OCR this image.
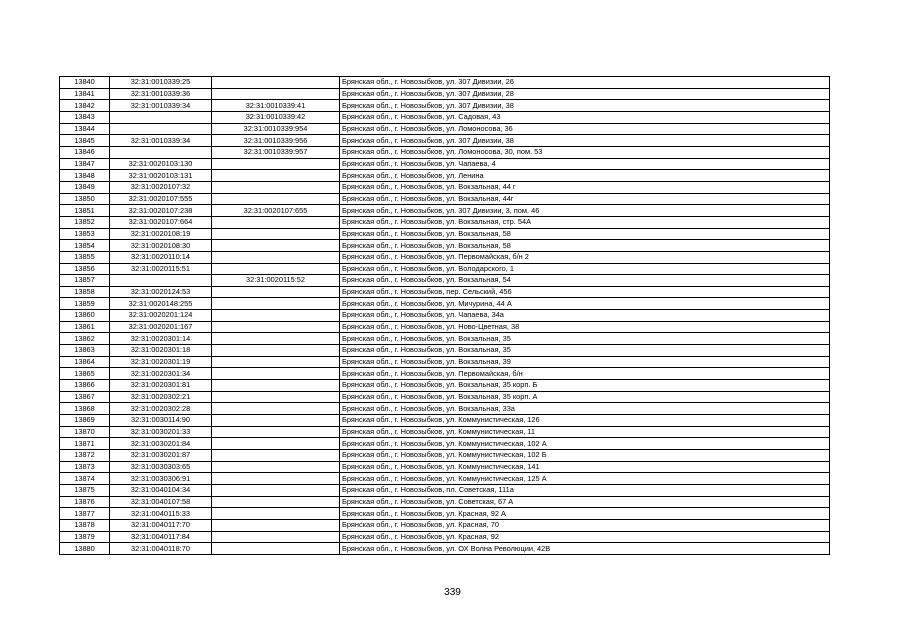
13840	32:31:0010339:25		Брянская обл., г. Новозыбков, ул. 307 Дивизии, 26
13841	32:31:0010339:36		Брянская обл., г. Новозыбков, ул. 307 Дивизии, 28
13842	32:31:0010339:34	32:31:0010339:41	Брянская обл., г. Новозыбков, ул. 307 Дивизии, 38
13843		32:31:0010339:42	Брянская обл., г. Новозыбков, ул. Садовая, 43
13844		32:31:0010339:954	Брянская обл., г. Новозыбков, ул. Ломоносова, 36
13845	32:31:0010339:34	32:31:0010339:956	Брянская обл., г. Новозыбков, ул. 307 Дивизии, 38
13846		32:31:0010339:957	Брянская обл., г. Новозыбков, ул. Ломоносова, 30, пом. 53
13847	32:31:0020103:130		Брянская обл., г. Новозыбков, ул. Чапаева, 4
13848	32:31:0020103:131		Брянская обл., г. Новозыбков, ул. Ленина
13849	32:31:0020107:32		Брянская обл., г. Новозыбков, ул. Вокзальная, 44 г
13850	32:31:0020107:555		Брянская обл., г. Новозыбков, ул. Вокзальная, 44г
13851	32:31:0020107:238	32:31:0020107:655	Брянская обл., г. Новозыбков, ул. 307 Дивизии, 3, пом. 46
13852	32:31:0020107:664		Брянская обл., г. Новозыбков, ул. Вокзальная, стр. 54А
13853	32:31:0020108:19		Брянская обл., г. Новозыбков, ул. Вокзальная, 58
13854	32:31:0020108:30		Брянская обл., г. Новозыбков, ул. Вокзальная, 58
13855	32:31:0020110:14		Брянская обл., г. Новозыбков, ул. Первомайская, б/н 2
13856	32:31:0020115:51		Брянская обл., г. Новозыбков, ул. Володарского, 1
13857		32:31:0020115:52	Брянская обл., г. Новозыбков, ул. Вокзальная, 54
13858	32:31:0020124:53		Брянская обл., г. Новозыбков, пер. Сельский, 456
13859	32:31:0020148:255		Брянская обл., г. Новозыбков, ул. Мичурина, 44 А
13860	32:31:0020201:124		Брянская обл., г. Новозыбков, ул. Чапаева, 34а
13861	32:31:0020201:167		Брянская обл., г. Новозыбков, ул. Ново-Цветная, 38
13862	32:31:0020301:14		Брянская обл., г. Новозыбков, ул. Вокзальная, 35
13863	32:31:0020301:18		Брянская обл., г. Новозыбков, ул. Вокзальная, 35
13864	32:31:0020301:19		Брянская обл., г. Новозыбков, ул. Вокзальная, 39
13865	32:31:0020301:34		Брянская обл., г. Новозыбков, ул. Первомайская, б/н
13866	32:31:0020301:81		Брянская обл., г. Новозыбков, ул. Вокзальная, 35 корп. Б
13867	32:31:0020302:21		Брянская обл., г. Новозыбков, ул. Вокзальная, 35 корп. А
13868	32:31:0020302:28		Брянская обл., г. Новозыбков, ул. Вокзальная, 33а
13869	32:31:0030114:90		Брянская обл., г. Новозыбков, ул. Коммунистическая, 126
13870	32:31:0030201:33		Брянская обл., г. Новозыбков, ул. Коммунистическая, 11
13871	32:31:0030201:84		Брянская обл., г. Новозыбков, ул. Коммунистическая, 102 А
13872	32:31:0030201:87		Брянская обл., г. Новозыбков, ул. Коммунистическая, 102 Б
13873	32:31:0030303:65		Брянская обл., г. Новозыбков, ул. Коммунистическая, 141
13874	32:31:0030306:91		Брянская обл., г. Новозыбков, ул. Коммунистическая, 125 А
13875	32:31:0040104:34		Брянская обл., г. Новозыбков, пл. Советская, 111а
13876	32:31:0040107:58		Брянская обл., г. Новозыбков, ул. Советская, 67 А
13877	32:31:0040115:33		Брянская обл., г. Новозыбков, ул. Красная, 92 А
13878	32:31:0040117:70		Брянская обл., г. Новозыбков, ул. Красная, 70
13879	32:31:0040117:84		Брянская обл., г. Новозыбков, ул. Красная, 92
13880	32:31:0040118:70		Брянская обл., г. Новозыбков, ул. ОХ Волна Революции, 42В
339
